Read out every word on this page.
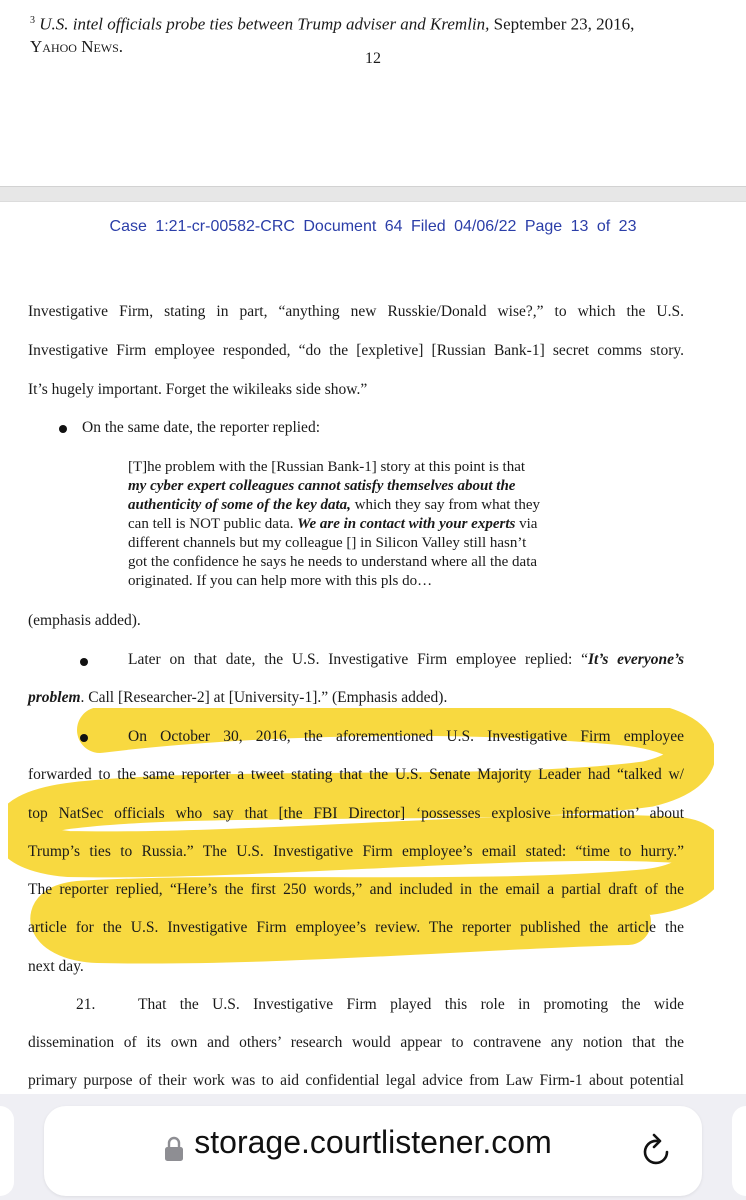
$^3$ U.S. intel officials probe ties between Trump adviser and Kremlin, September 23, 2016,
Yahoo News.
12
Case 1:21-cr-00582-CRC Document 64 Filed 04/06/22 Page 13 of 23
Investigative Firm, stating in part, “anything new Russkie/Donald wise?,” to which the U.S.
Investigative Firm employee responded, “do the [expletive] [Russian Bank-1] secret comms story.
It’s hugely important. Forget the wikileaks side show.”
On the same date, the reporter replied:
[T]he problem with the [Russian Bank-1] story at this point is that
my cyber expert colleagues cannot satisfy themselves about the
authenticity of some of the key data, which they say from what they
can tell is NOT public data. We are in contact with your experts via
different channels but my colleague [] in Silicon Valley still hasn’t
got the confidence he says he needs to understand where all the data
originated. If you can help more with this pls do…
(emphasis added).
Later on that date, the U.S. Investigative Firm employee replied: “It’s everyone’s
problem. Call [Researcher-2] at [University-1].” (Emphasis added).
On October 30, 2016, the aforementioned U.S. Investigative Firm employee
forwarded to the same reporter a tweet stating that the U.S. Senate Majority Leader had “talked w/
top NatSec officials who say that [the FBI Director] ‘possesses explosive information’ about
Trump’s ties to Russia.” The U.S. Investigative Firm employee’s email stated: “time to hurry.”
The reporter replied, “Here’s the first 250 words,” and included in the email a partial draft of the
article for the U.S. Investigative Firm employee’s review. The reporter published the article the
next day.
21.	That the U.S. Investigative Firm played this role in promoting the wide
dissemination of its own and others’ research would appear to contravene any notion that the
primary purpose of their work was to aid confidential legal advice from Law Firm-1 about potential
storage.courtlistener.com
